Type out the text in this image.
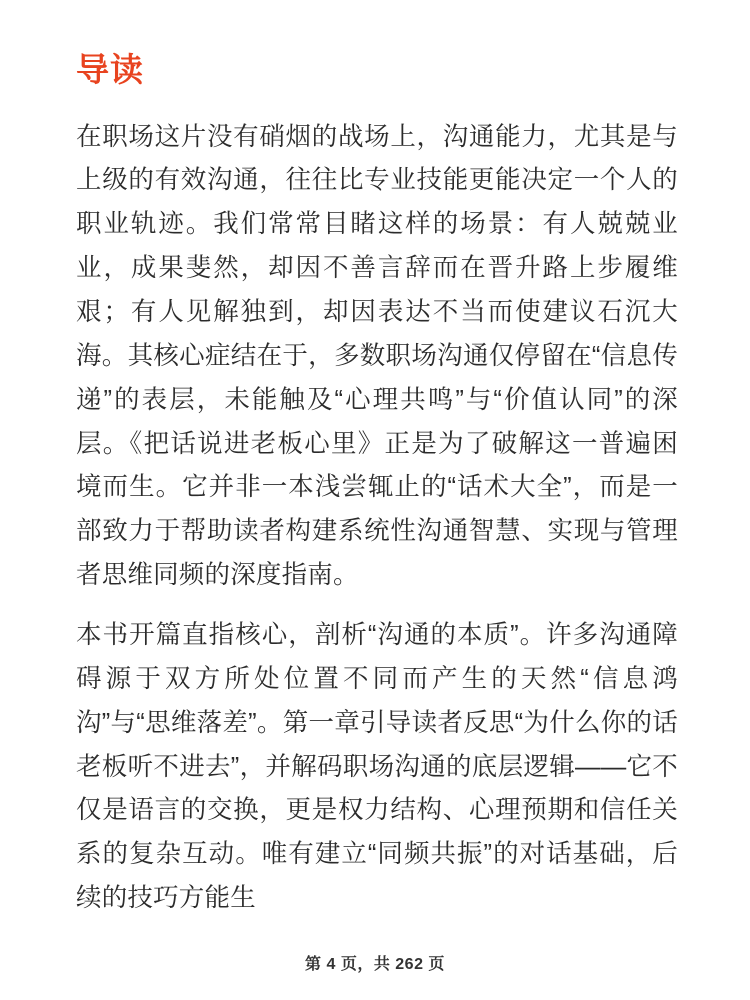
导读

在职场这片没有硝烟的战场上，沟通能力，尤其是与上级的有效沟通，往往比专业技能更能决定一个人的职业轨迹。我们常常目睹这样的场景：有人兢兢业业，成果斐然，却因不善言辞而在晋升路上步履维艰；有人见解独到，却因表达不当而使建议石沉大海。其核心症结在于，多数职场沟通仅停留在“信息传递”的表层，未能触及“心理共鸣”与“价值认同”的深层。《把话说进老板心里》正是为了破解这一普遍困境而生。它并非一本浅尝辄止的“话术大全”，而是一部致力于帮助读者构建系统性沟通智慧、实现与管理者思维同频的深度指南。

本书开篇直指核心，剖析“沟通的本质”。许多沟通障碍源于双方所处位置不同而产生的天然“信息鸿沟”与“思维落差”。第一章引导读者反思“为什么你的话老板听不进去”，并解码职场沟通的底层逻辑——它不仅是语言的交换，更是权力结构、心理预期和信任关系的复杂互动。唯有建立“同频共振”的对话基础，后续的技巧方能生

第 4 页，共 262 页
